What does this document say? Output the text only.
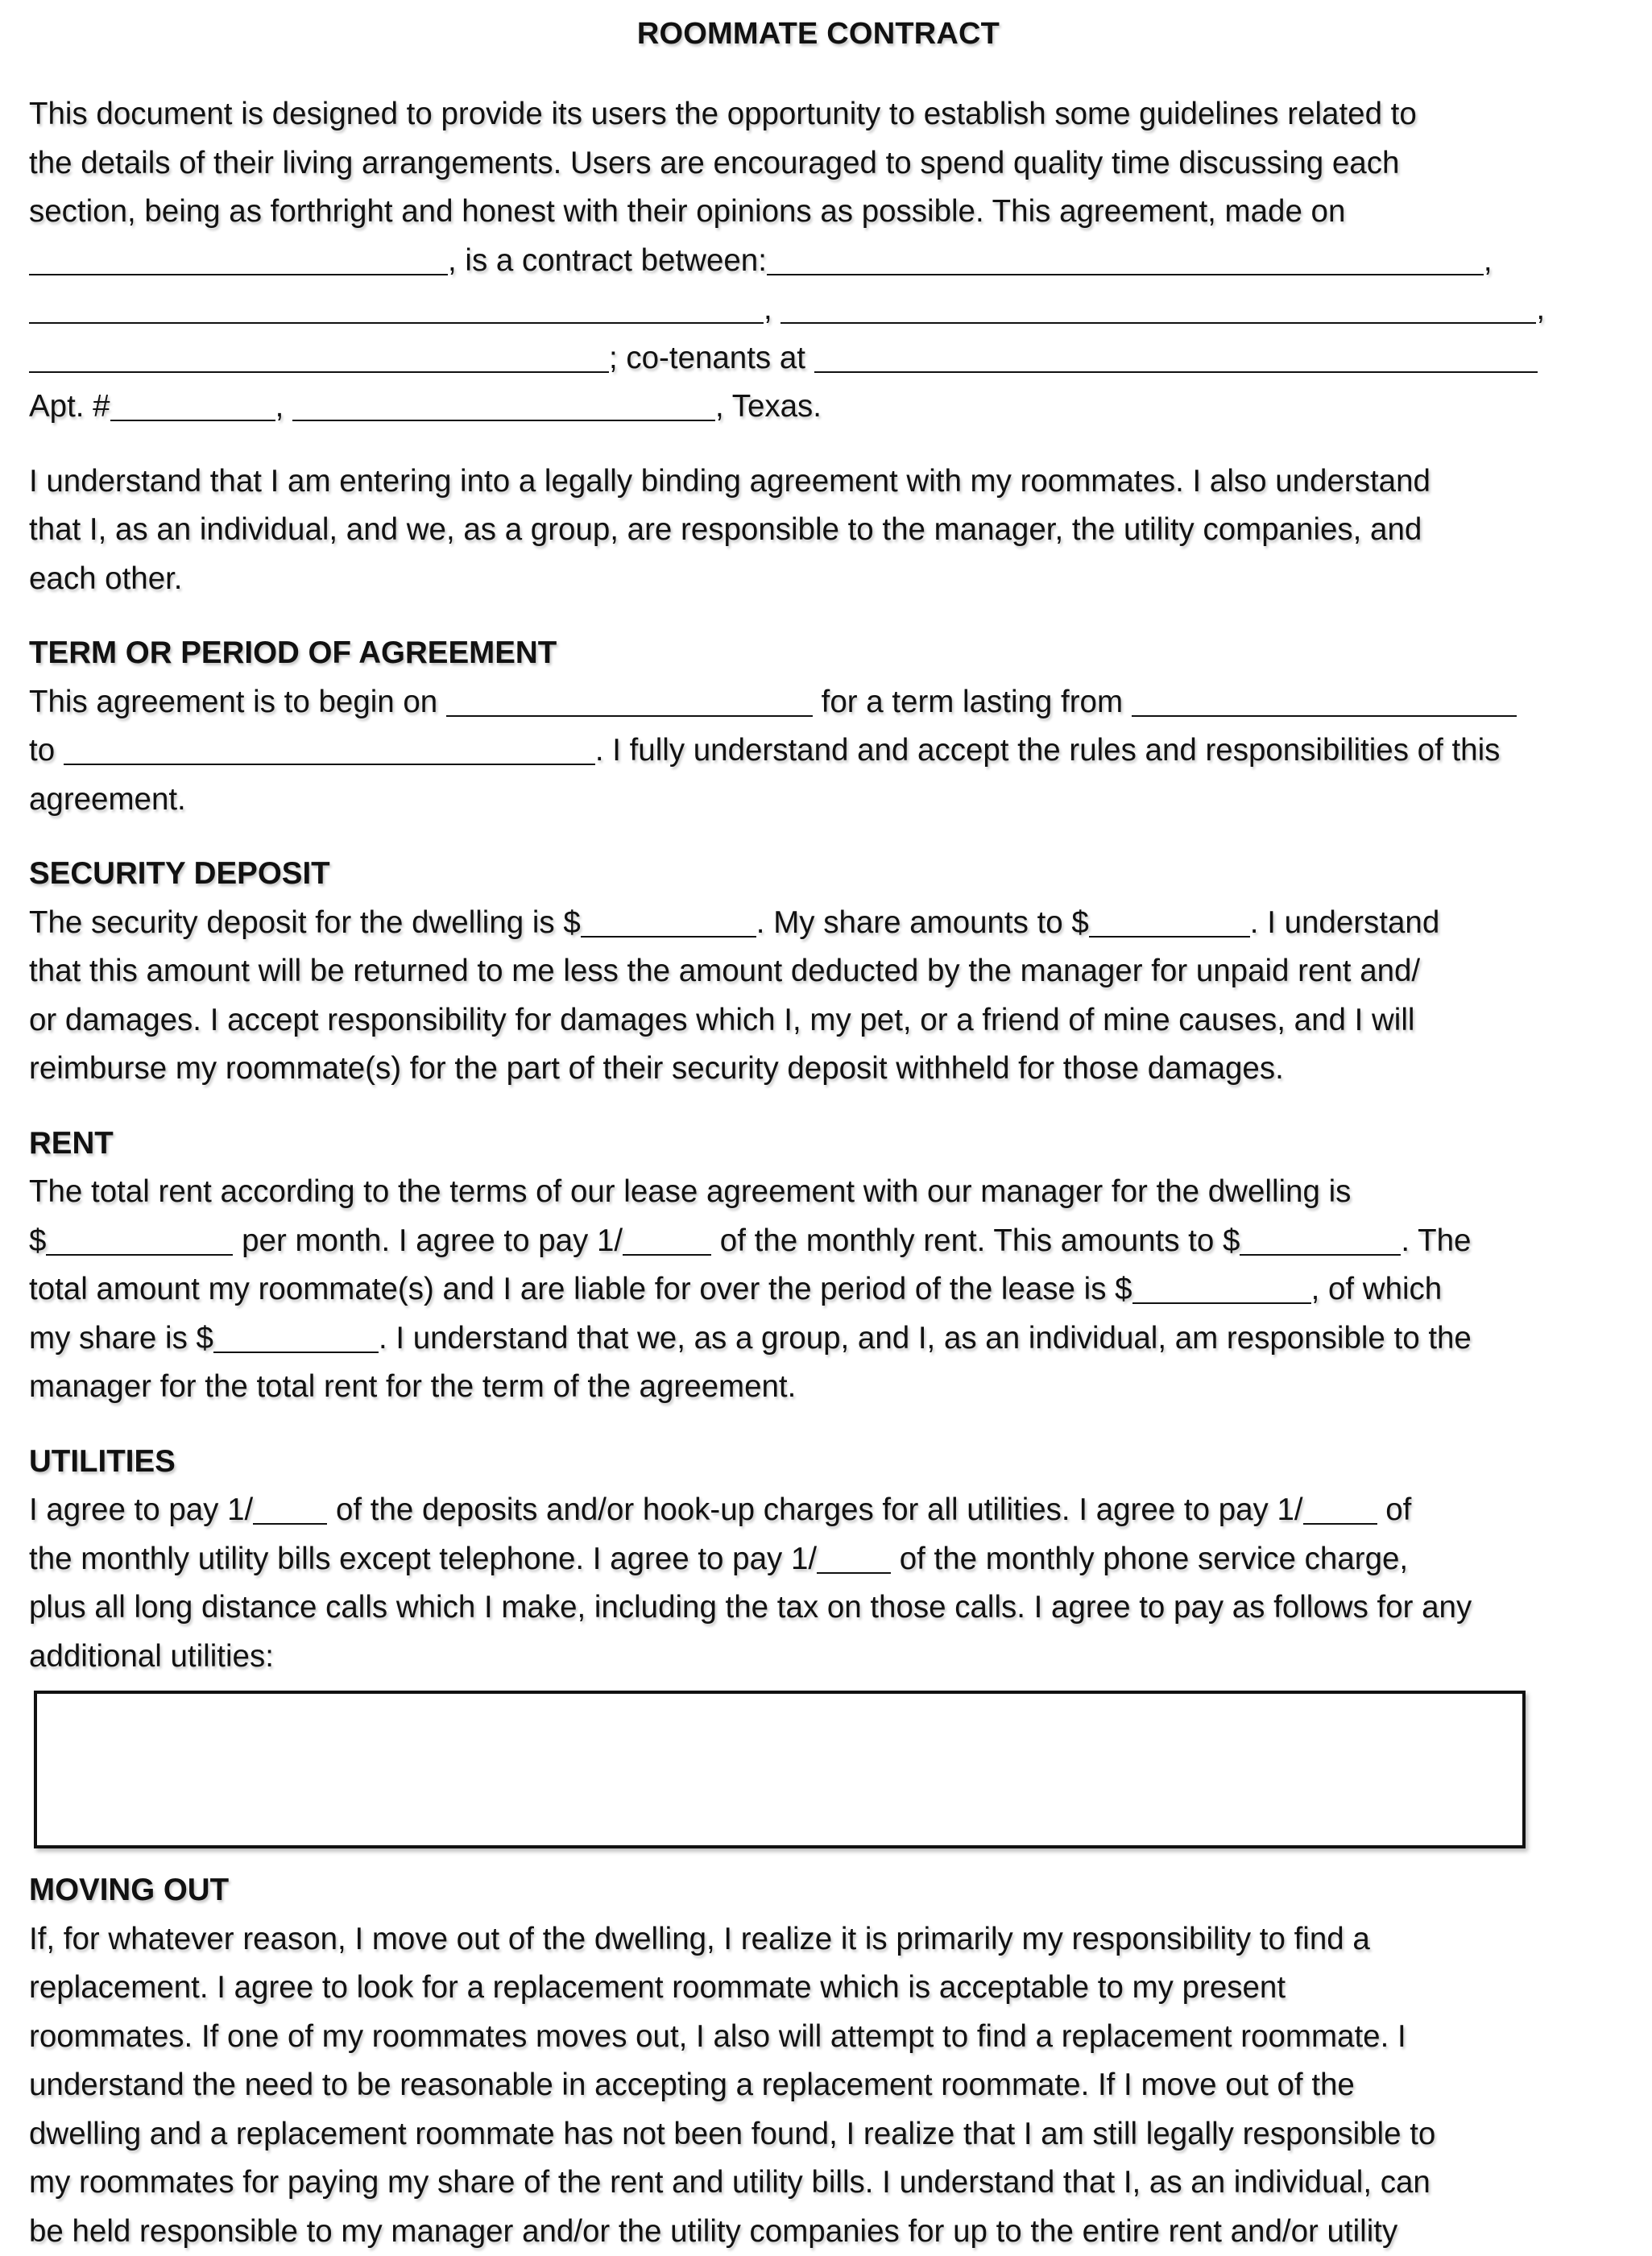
ROOMMATE CONTRACT
This document is designed to provide its users the opportunity to establish some guidelines related to
the details of their living arrangements. Users are encouraged to spend quality time discussing each
section, being as forthright and honest with their opinions as possible. This agreement, made on
, is a contract between:	,
,	,
; co-tenants at
Apt. #	,	, Texas.
I understand that I am entering into a legally binding agreement with my roommates. I also understand
that I, as an individual, and we, as a group, are responsible to the manager, the utility companies, and
each other.
TERM OR PERIOD OF AGREEMENT
This agreement is to begin on	for a term lasting from
to	. I fully understand and accept the rules and responsibilities of this
agreement.
SECURITY DEPOSIT
The security deposit for the dwelling is $	. My share amounts to $	. I understand
that this amount will be returned to me less the amount deducted by the manager for unpaid rent and/
or damages. I accept responsibility for damages which I, my pet, or a friend of mine causes, and I will
reimburse my roommate(s) for the part of their security deposit withheld for those damages.
RENT
The total rent according to the terms of our lease agreement with our manager for the dwelling is
$	per month. I agree to pay 1/	of the monthly rent. This amounts to $	. The
total amount my roommate(s) and I are liable for over the period of the lease is $	, of which
my share is $	. I understand that we, as a group, and I, as an individual, am responsible to the
manager for the total rent for the term of the agreement.
UTILITIES
I agree to pay 1/ of the deposits and/or hook-up charges for all utilities. I agree to pay 1/ of
the monthly utility bills except telephone. I agree to pay 1/ of the monthly phone service charge,
plus all long distance calls which I make, including the tax on those calls. I agree to pay as follows for any
additional utilities:
MOVING OUT
If, for whatever reason, I move out of the dwelling, I realize it is primarily my responsibility to find a
replacement. I agree to look for a replacement roommate which is acceptable to my present
roommates. If one of my roommates moves out, I also will attempt to find a replacement roommate. I
understand the need to be reasonable in accepting a replacement roommate. If I move out of the
dwelling and a replacement roommate has not been found, I realize that I am still legally responsible to
my roommates for paying my share of the rent and utility bills. I understand that I, as an individual, can
be held responsible to my manager and/or the utility companies for up to the entire rent and/or utility
